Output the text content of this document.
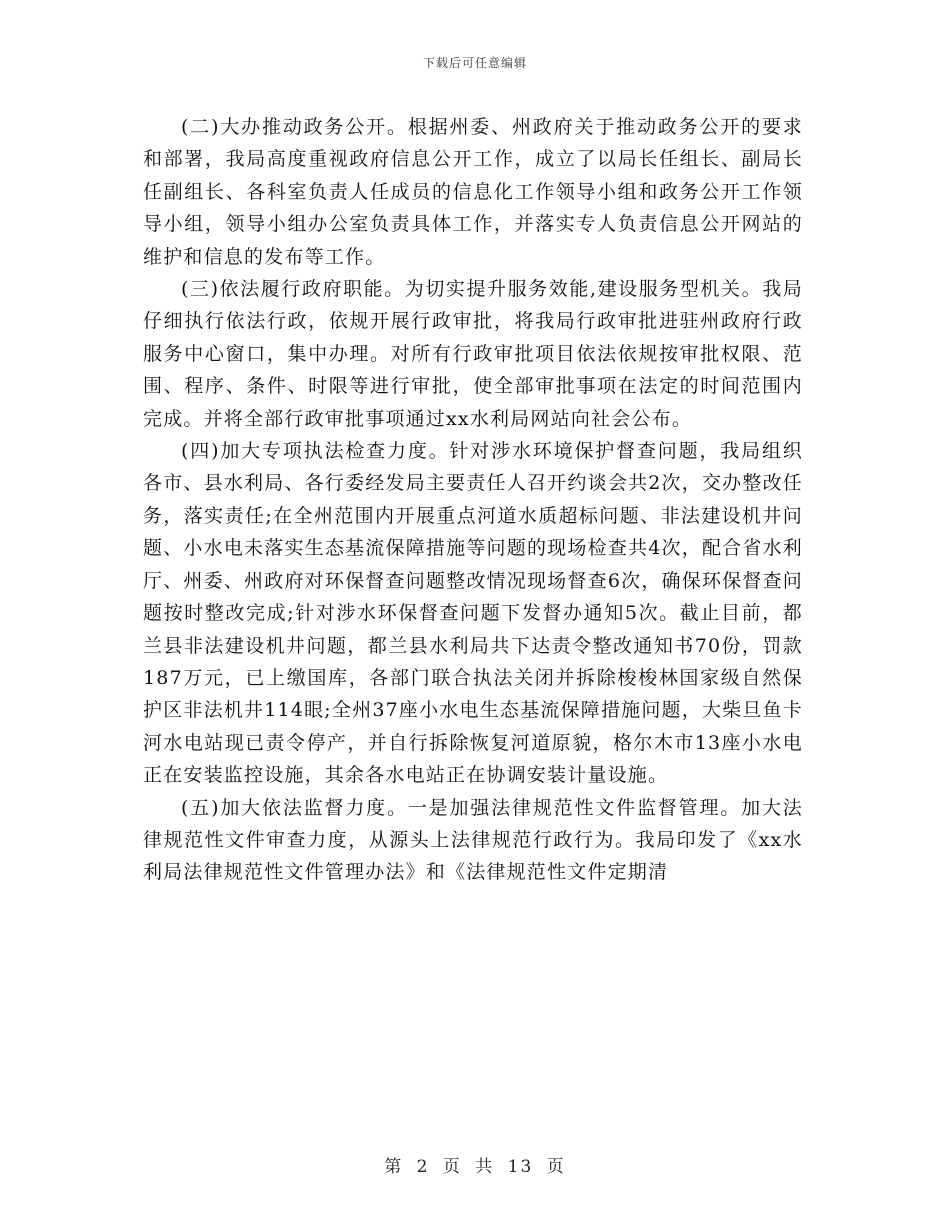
下载后可任意编辑

(二)大办推动政务公开。根据州委、州政府关于推动政务公开的要求和部署，我局高度重视政府信息公开工作，成立了以局长任组长、副局长任副组长、各科室负责人任成员的信息化工作领导小组和政务公开工作领导小组，领导小组办公室负责具体工作，并落实专人负责信息公开网站的维护和信息的发布等工作。

(三)依法履行政府职能。为切实提升服务效能,建设服务型机关。我局仔细执行依法行政，依规开展行政审批，将我局行政审批进驻州政府行政服务中心窗口，集中办理。对所有行政审批项目依法依规按审批权限、范围、程序、条件、时限等进行审批，使全部审批事项在法定的时间范围内完成。并将全部行政审批事项通过xx水利局网站向社会公布。

(四)加大专项执法检查力度。针对涉水环境保护督查问题，我局组织各市、县水利局、各行委经发局主要责任人召开约谈会共2次，交办整改任务，落实责任;在全州范围内开展重点河道水质超标问题、非法建设机井问题、小水电未落实生态基流保障措施等问题的现场检查共4次，配合省水利厅、州委、州政府对环保督查问题整改情况现场督查6次，确保环保督查问题按时整改完成;针对涉水环保督查问题下发督办通知5次。截止目前，都兰县非法建设机井问题，都兰县水利局共下达责令整改通知书70份，罚款187万元，已上缴国库，各部门联合执法关闭并拆除梭梭林国家级自然保护区非法机井114眼;全州37座小水电生态基流保障措施问题，大柴旦鱼卡河水电站现已责令停产，并自行拆除恢复河道原貌，格尔木市13座小水电正在安装监控设施，其余各水电站正在协调安装计量设施。

(五)加大依法监督力度。一是加强法律规范性文件监督管理。加大法律规范性文件审查力度，从源头上法律规范行政行为。我局印发了《xx水利局法律规范性文件管理办法》和《法律规范性文件定期清

第 2 页 共 13 页
